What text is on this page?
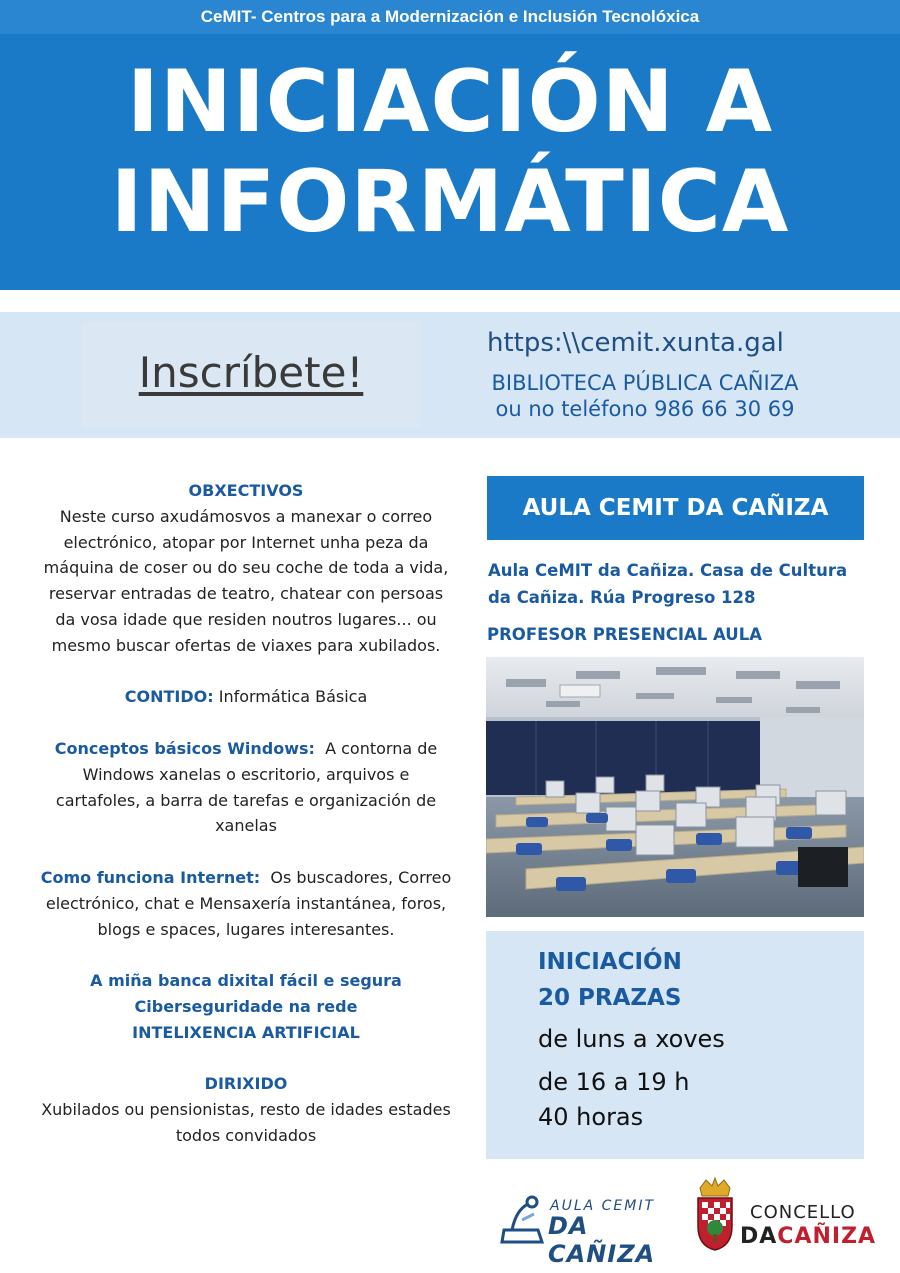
CeMIT- Centros para a Modernización e Inclusión Tecnolóxica
INICIACIÓN A
INFORMÁTICA
Inscríbete!
https:\\cemit.xunta.gal
BIBLIOTECA PÚBLICA CAÑIZA
ou no teléfono 986 66 30 69

OBXECTIVOS

Neste curso axudámosvos a manexar o correo electrónico, atopar por Internet unha peza da máquina de coser ou do seu coche de toda a vida, reservar entradas de teatro, chatear con persoas da vosa idade que residen noutros lugares... ou mesmo buscar ofertas de viaxes para xubilados.

CONTIDO: Informática Básica

Conceptos básicos Windows: A contorna de Windows xanelas o escritorio, arquivos e cartafoles, a barra de tarefas e organización de xanelas

Como funciona Internet: Os buscadores, Correo electrónico, chat e Mensaxería instantánea, foros, blogs e spaces, lugares interesantes.

A miña banca dixital fácil e segura

Ciberseguridade na rede

INTELIXENCIA ARTIFICIAL

DIRIXIDO

Xubilados ou pensionistas, resto de idades estades todos convidados

AULA CEMIT DA CAÑIZA
Aula CeMIT da Cañiza. Casa de Cultura
da Cañiza. Rúa Progreso 128
PROFESOR PRESENCIAL AULA
INICIACIÓN
20 PRAZAS
de luns a xoves
de 16 a 19 h
40 horas
AULA CEMIT
DA CAÑIZA
CONCELLO
DACAÑIZA
